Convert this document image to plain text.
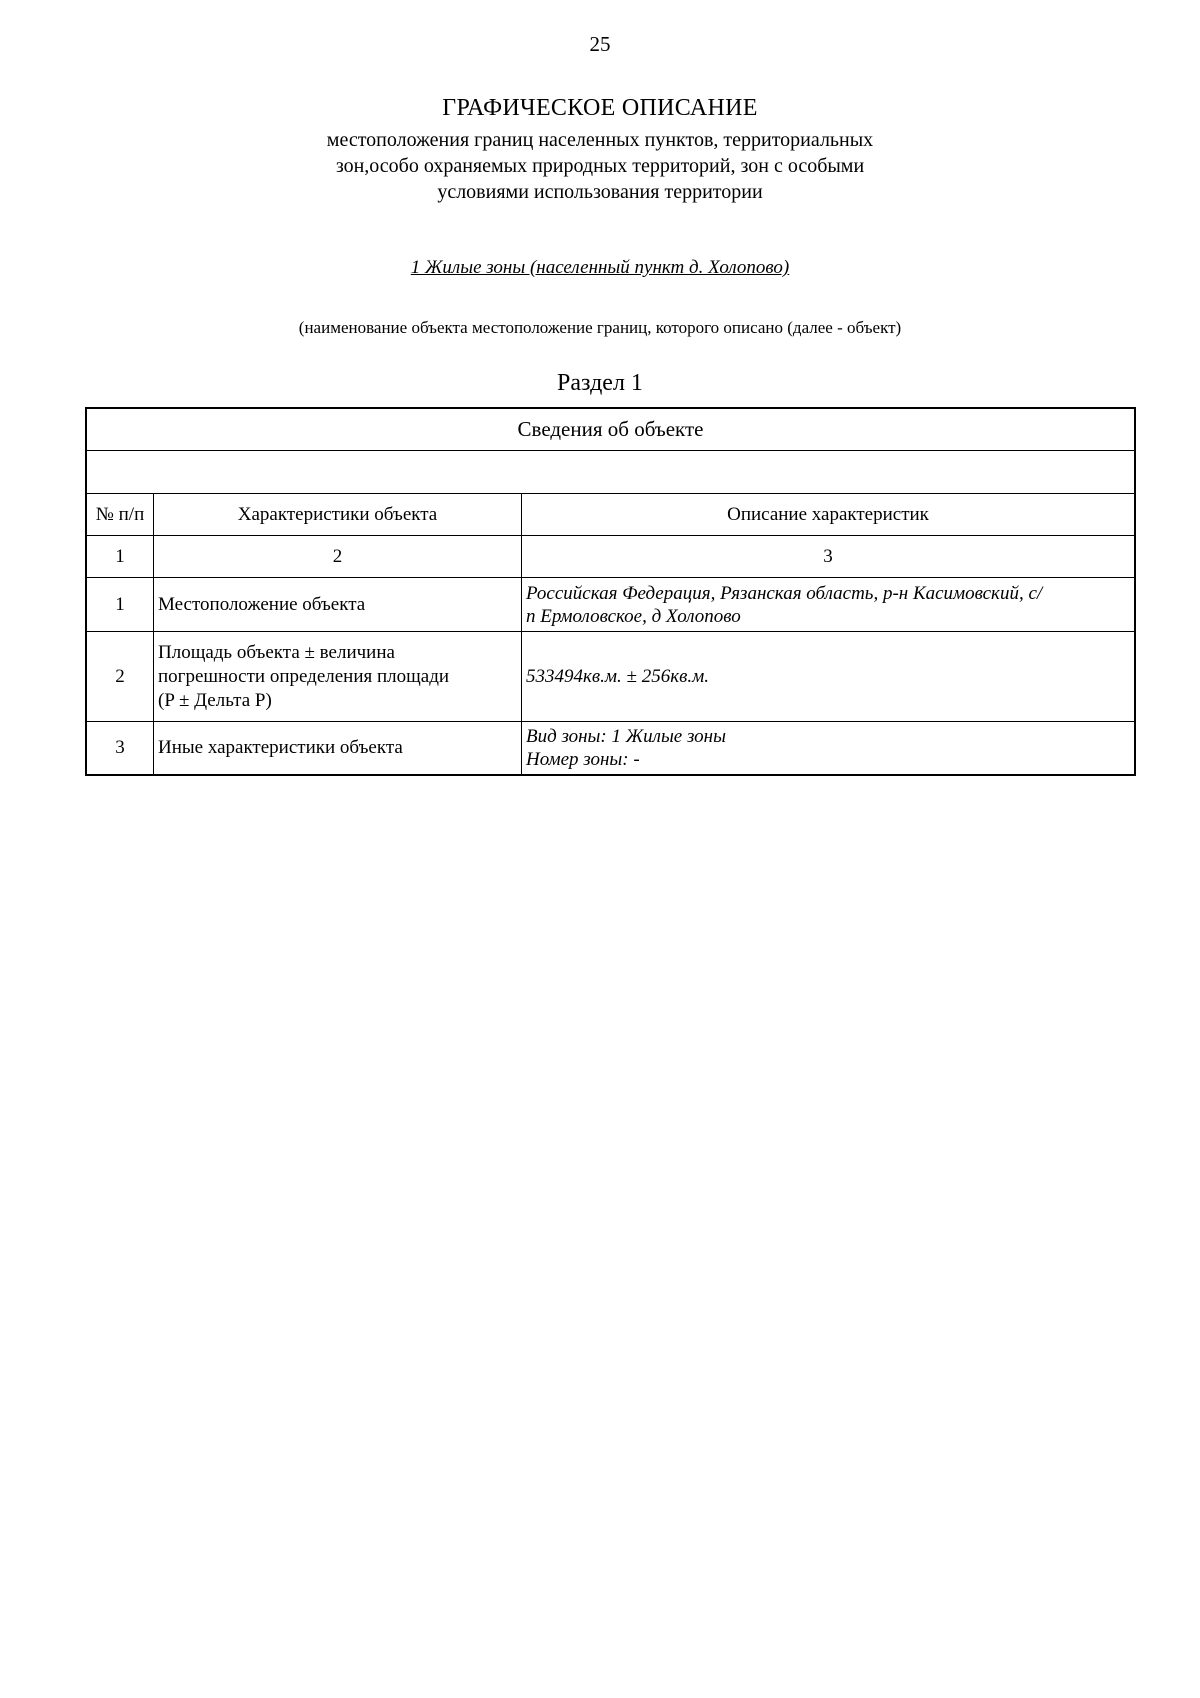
25
ГРАФИЧЕСКОЕ ОПИСАНИЕ
местоположения границ населенных пунктов, территориальных
зон,особо охраняемых природных территорий, зон с особыми
условиями использования территории
1 Жилые зоны (населенный пункт д. Холопово)
(наименование объекта местоположение границ, которого описано (далее - объект)
Раздел 1
Сведения об объекте		

№ п/п	Характеристики объекта	Описание характеристик
1	2	3
1	Местоположение объекта	Российская Федерация, Рязанская область, р-н Касимовский, с/
п Ермоловское, д Холопово

2	Площадь объекта ± величина
погрешности определения площади
(P ± Дельта P)	533494кв.м. ± 256кв.м.

3	Иные характеристики объекта	Вид зоны: 1 Жилые зоны
Номер зоны: -
